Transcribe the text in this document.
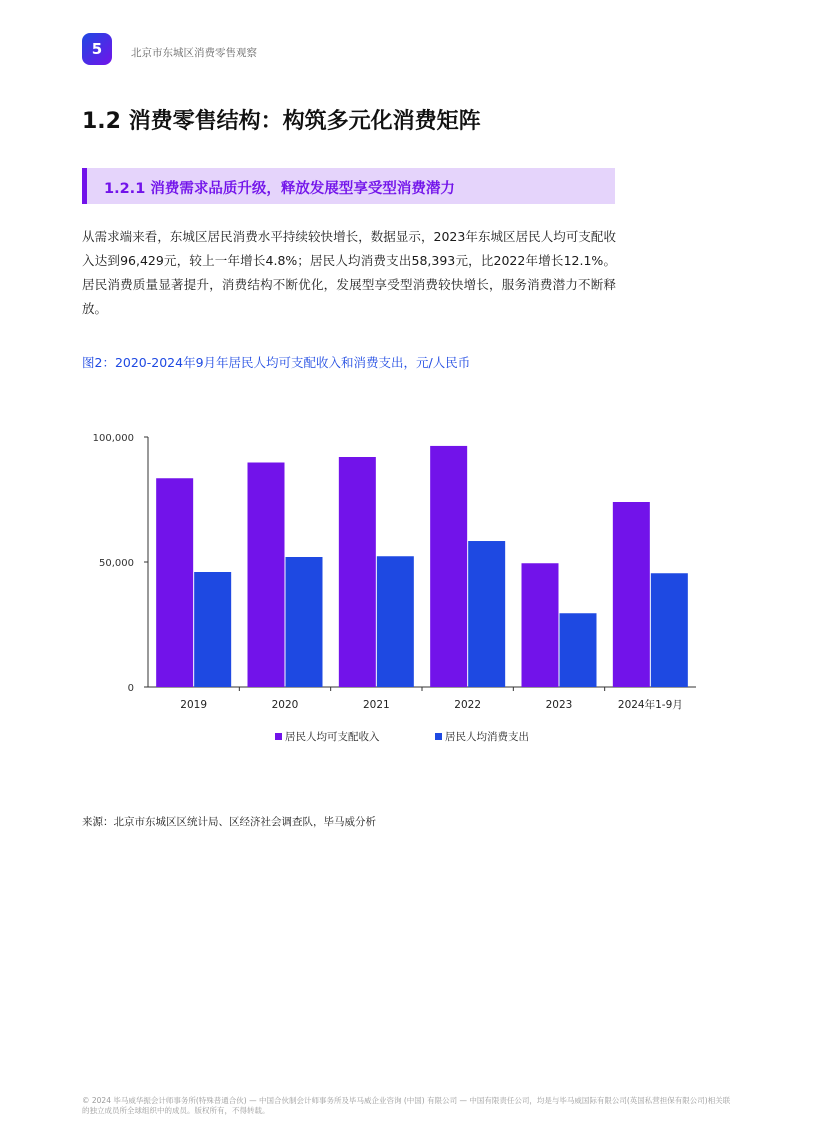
5	北京市东城区消费零售观察
1.2 消费零售结构：构筑多元化消费矩阵
1.2.1 消费需求品质升级，释放发展型享受型消费潜力

从需求端来看，东城区居民消费水平持续较快增长，数据显示，2023年东城区居民人均可支配收入达到96,429元，较上一年增长4.8%；居民人均消费支出58,393元，比2022年增长12.1%。居民消费质量显著提升，消费结构不断优化，发展型享受型消费较快增长，服务消费潜力不断释放。

图2：2020-2024年9月年居民人均可支配收入和消费支出，元/人民币
0
50,000
100,000
2019	2020	2021	2022	2023	2024年1-9月
居民人均可支配收入	居民人均消费支出
来源：北京市东城区区统计局、区经济社会调查队，毕马威分析
© 2024 毕马威华振会计师事务所(特殊普通合伙) — 中国合伙制会计师事务所及毕马威企业咨询 (中国) 有限公司 — 中国有限责任公司，均是与毕马威国际有限公司(英国私营担保有限公司)相关联的独立成员所全球组织中的成员。版权所有，不得转载。
